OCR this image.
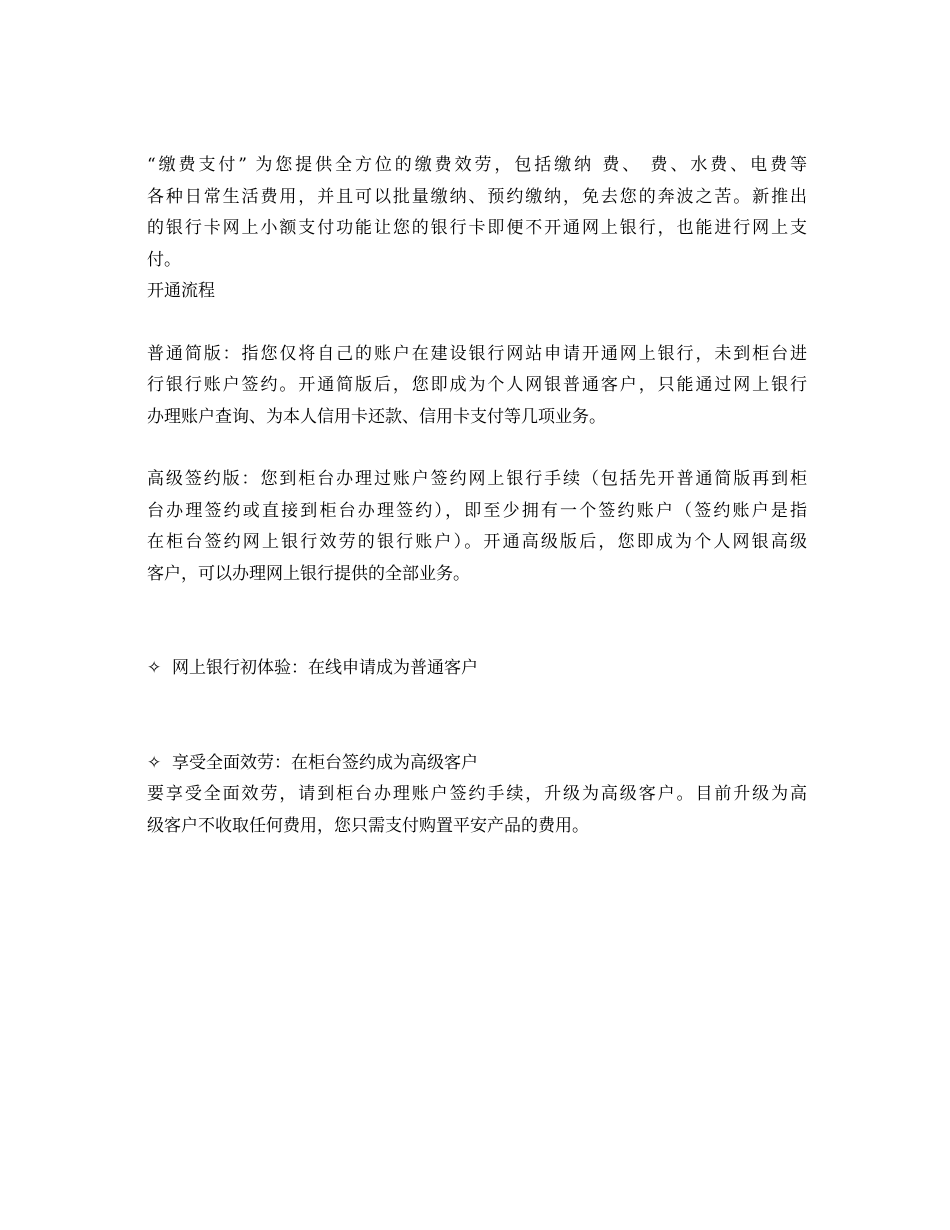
“缴费支付” 为您提供全方位的缴费效劳，包括缴纳 费、 费、水费、电费等
各种日常生活费用，并且可以批量缴纳、预约缴纳，免去您的奔波之苦。新推出
的银行卡网上小额支付功能让您的银行卡即便不开通网上银行，也能进行网上支
付。

开通流程

普通简版：指您仅将自己的账户在建设银行网站申请开通网上银行，未到柜台进
行银行账户签约。开通简版后，您即成为个人网银普通客户，只能通过网上银行
办理账户查询、为本人信用卡还款、信用卡支付等几项业务。
高级签约版：您到柜台办理过账户签约网上银行手续（包括先开普通简版再到柜
台办理签约或直接到柜台办理签约），即至少拥有一个签约账户（签约账户是指
在柜台签约网上银行效劳的银行账户）。开通高级版后，您即成为个人网银高级
客户，可以办理网上银行提供的全部业务。

✧ 网上银行初体验：在线申请成为普通客户

✧ 享受全面效劳：在柜台签约成为高级客户

要享受全面效劳，请到柜台办理账户签约手续，升级为高级客户。目前升级为高
级客户不收取任何费用，您只需支付购置平安产品的费用。
